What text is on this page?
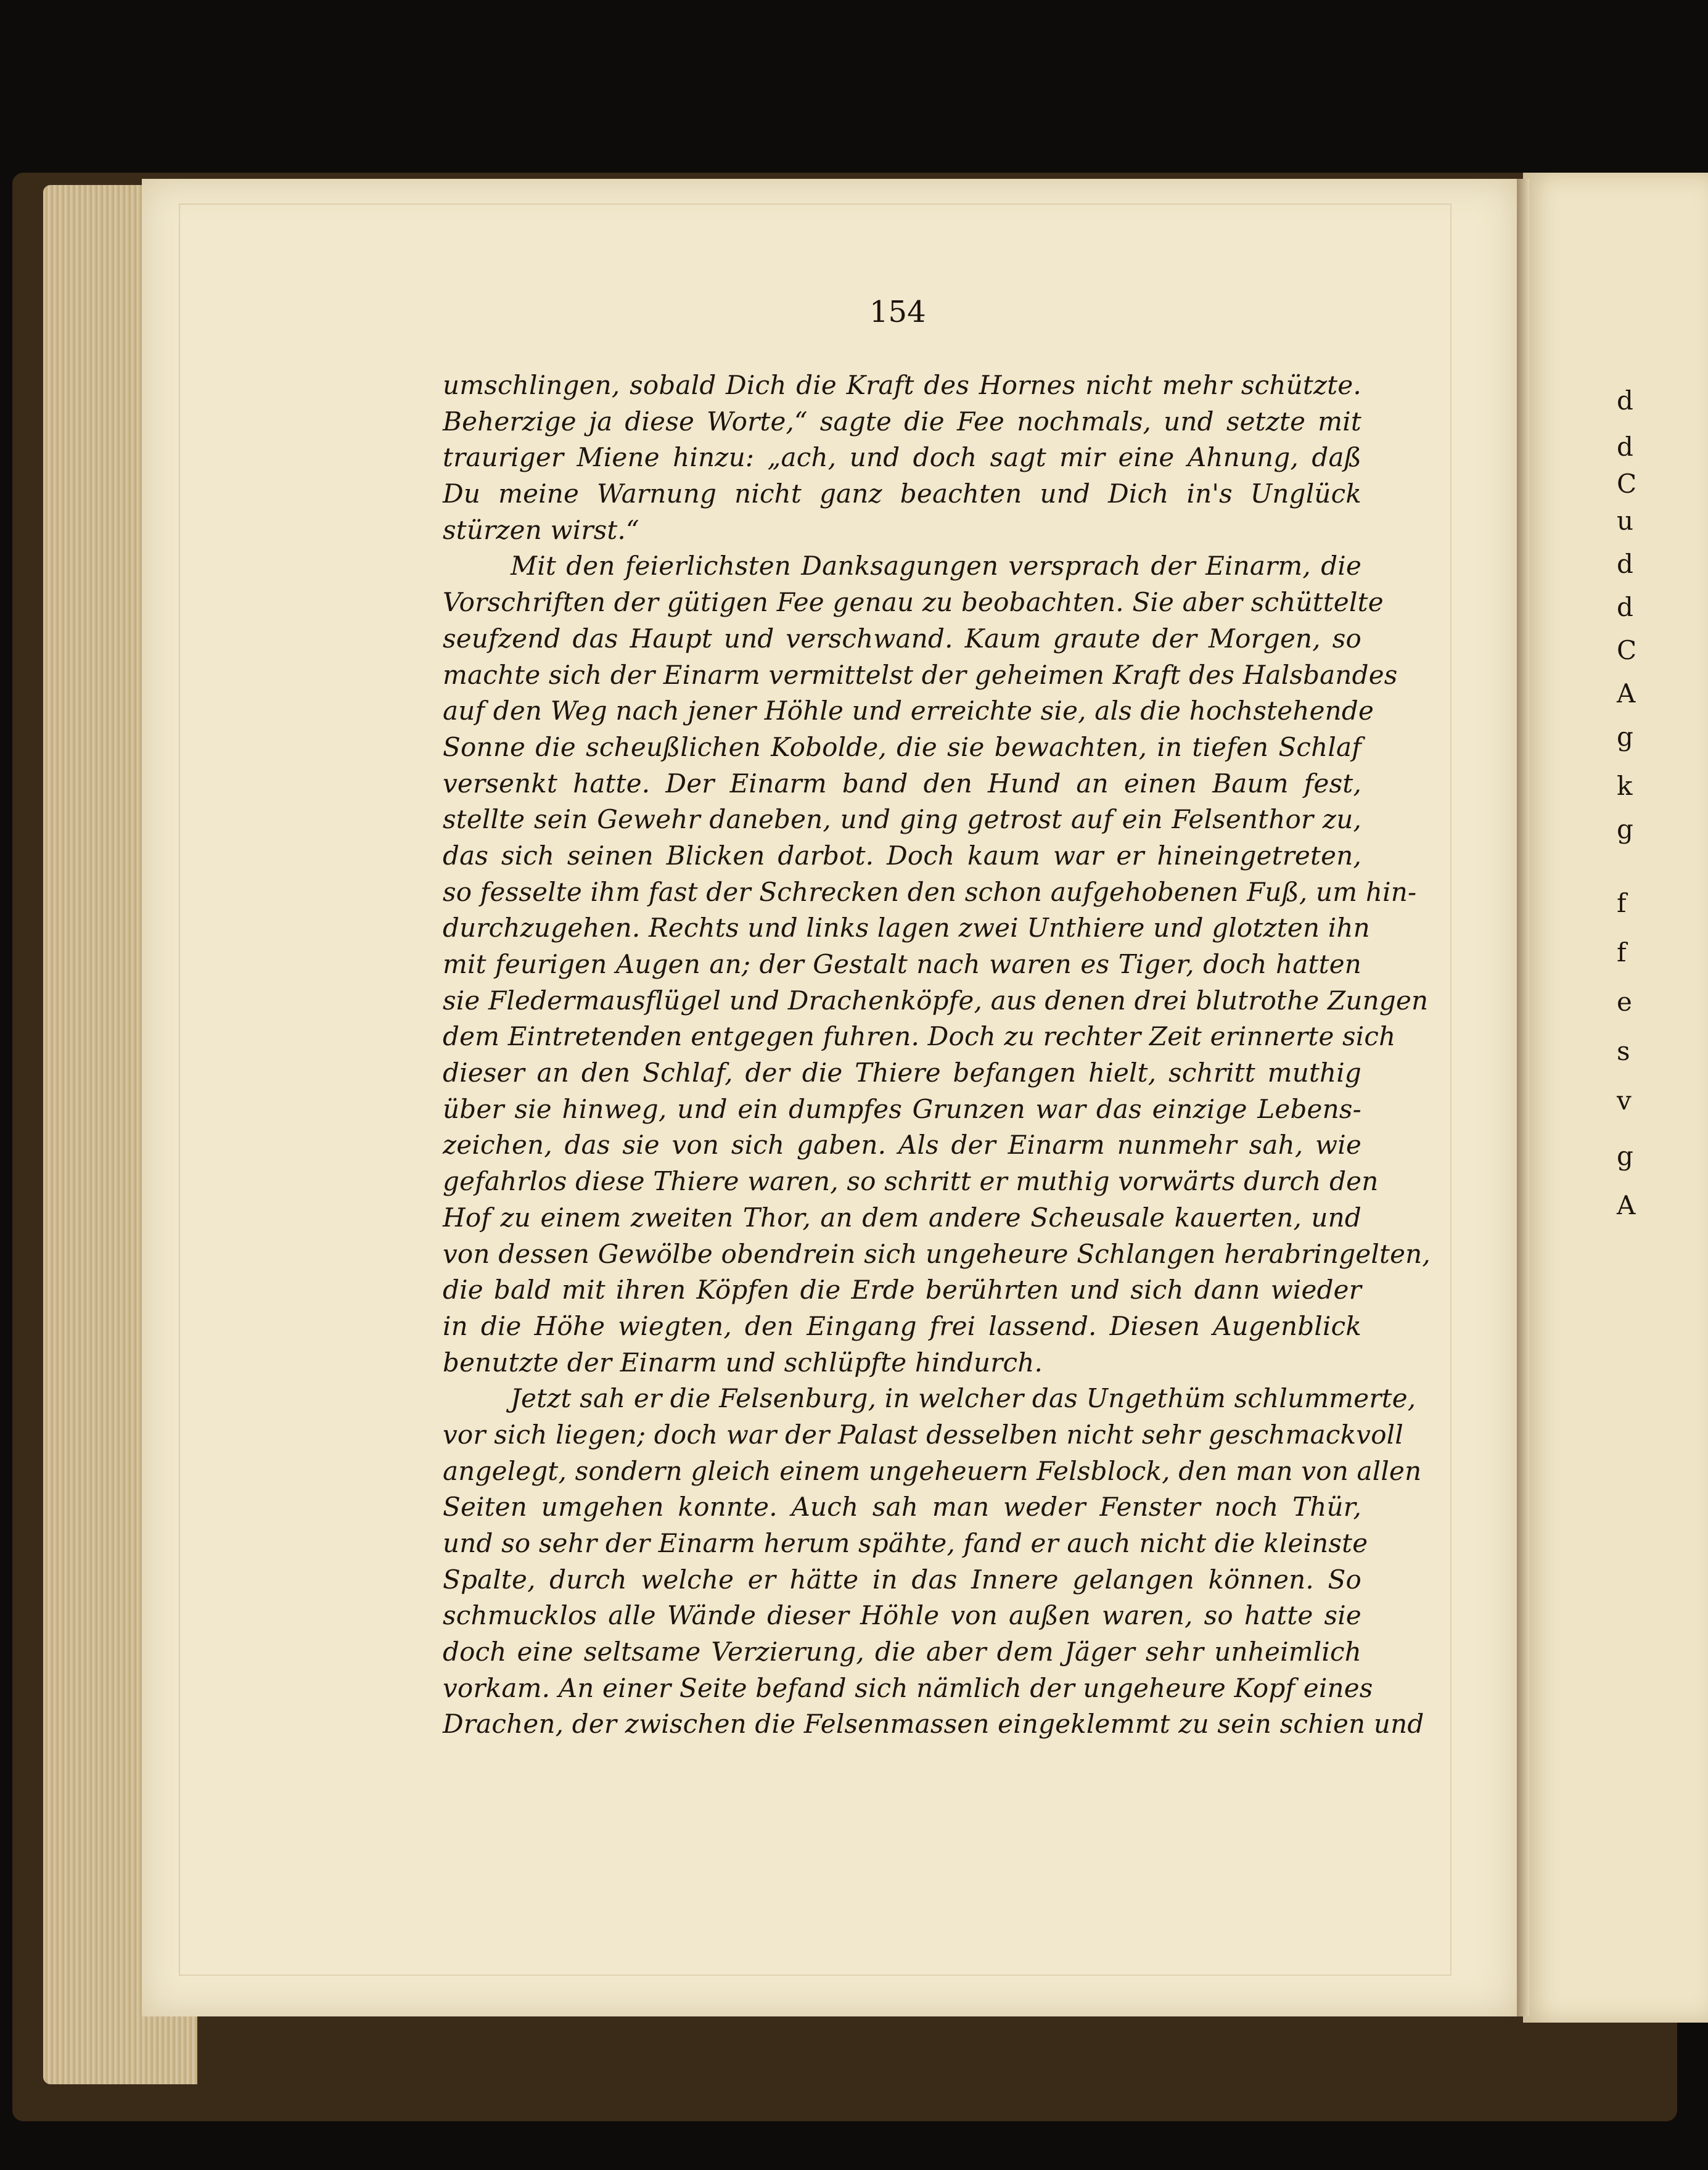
154

umschlingen, sobald Dich die Kraft des Hornes nicht mehr schützte.
Beherzige ja diese Worte,“ sagte die Fee nochmals, und setzte mit
trauriger Miene hinzu: „ach, und doch sagt mir eine Ahnung, daß
Du meine Warnung nicht ganz beachten und Dich in's Unglück
stürzen wirst.“

Mit den feierlichsten Danksagungen versprach der Einarm, die
Vorschriften der gütigen Fee genau zu beobachten. Sie aber schüttelte
seufzend das Haupt und verschwand. Kaum graute der Morgen, so
machte sich der Einarm vermittelst der geheimen Kraft des Halsbandes
auf den Weg nach jener Höhle und erreichte sie, als die hochstehende
Sonne die scheußlichen Kobolde, die sie bewachten, in tiefen Schlaf
versenkt hatte. Der Einarm band den Hund an einen Baum fest,
stellte sein Gewehr daneben, und ging getrost auf ein Felsenthor zu,
das sich seinen Blicken darbot. Doch kaum war er hineingetreten,
so fesselte ihm fast der Schrecken den schon aufgehobenen Fuß, um hin-
durchzugehen. Rechts und links lagen zwei Unthiere und glotzten ihn
mit feurigen Augen an; der Gestalt nach waren es Tiger, doch hatten
sie Fledermausflügel und Drachenköpfe, aus denen drei blutrothe Zungen
dem Eintretenden entgegen fuhren. Doch zu rechter Zeit erinnerte sich
dieser an den Schlaf, der die Thiere befangen hielt, schritt muthig
über sie hinweg, und ein dumpfes Grunzen war das einzige Lebens-
zeichen, das sie von sich gaben. Als der Einarm nunmehr sah, wie
gefahrlos diese Thiere waren, so schritt er muthig vorwärts durch den
Hof zu einem zweiten Thor, an dem andere Scheusale kauerten, und
von dessen Gewölbe obendrein sich ungeheure Schlangen herabringelten,
die bald mit ihren Köpfen die Erde berührten und sich dann wieder
in die Höhe wiegten, den Eingang frei lassend. Diesen Augenblick
benutzte der Einarm und schlüpfte hindurch.

Jetzt sah er die Felsenburg, in welcher das Ungethüm schlummerte,
vor sich liegen; doch war der Palast desselben nicht sehr geschmackvoll
angelegt, sondern gleich einem ungeheuern Felsblock, den man von allen
Seiten umgehen konnte. Auch sah man weder Fenster noch Thür,
und so sehr der Einarm herum spähte, fand er auch nicht die kleinste
Spalte, durch welche er hätte in das Innere gelangen können. So
schmucklos alle Wände dieser Höhle von außen waren, so hatte sie
doch eine seltsame Verzierung, die aber dem Jäger sehr unheimlich
vorkam. An einer Seite befand sich nämlich der ungeheure Kopf eines
Drachen, der zwischen die Felsenmassen eingeklemmt zu sein schien und

d
d
C
u
d
d
C
A
g
k
g
f
f
e
s
v
g
A
